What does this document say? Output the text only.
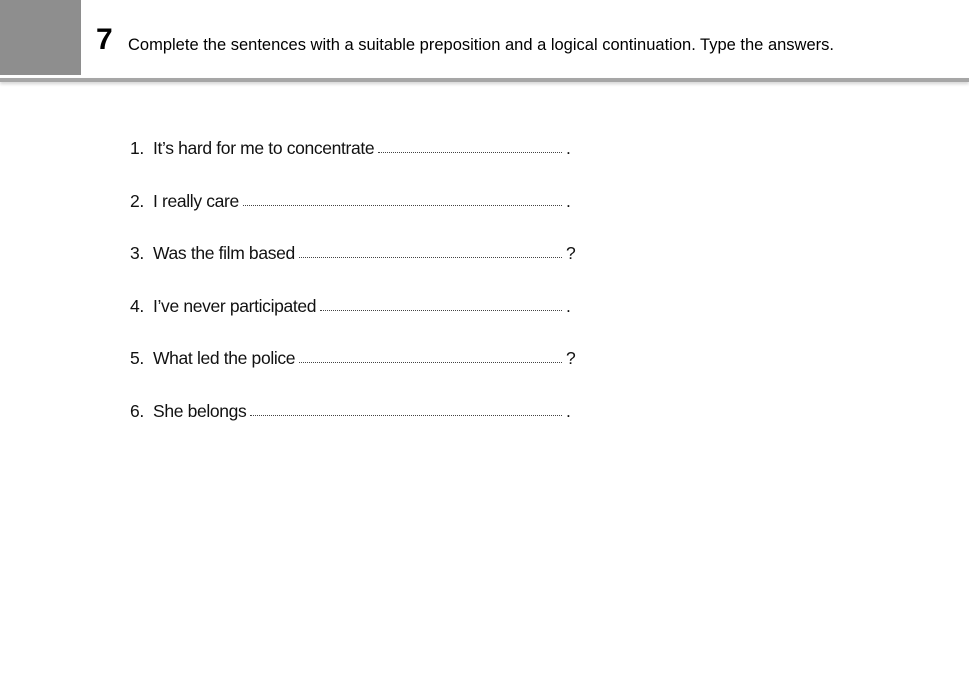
7 Complete the sentences with a suitable preposition and a logical continuation. Type the answers.
1. It’s hard for me to concentrate	.
2. I really care	.
3. Was the film based	?
4. I’ve never participated	.
5. What led the police	?
6. She belongs	.
